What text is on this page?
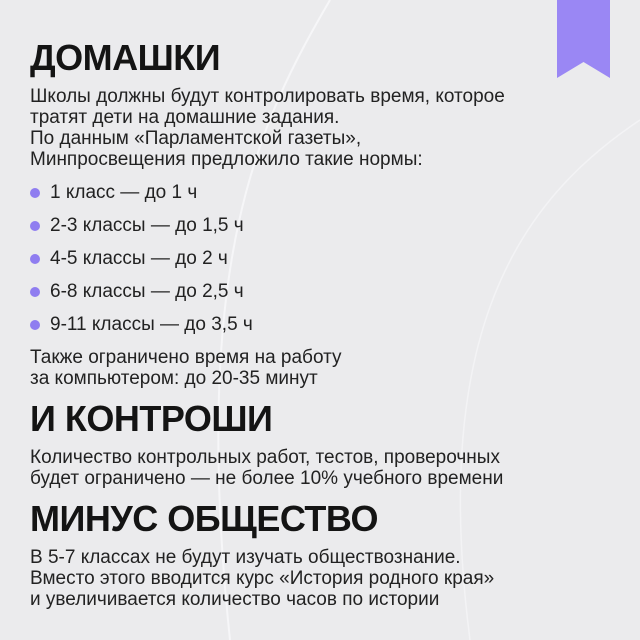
ДОМАШКИ

Школы должны будут контролировать время, которое

тратят дети на домашние задания.

По данным «Парламентской газеты»,

Минпросвещения предложило такие нормы:

1 класс — до 1 ч
2-3 классы — до 1,5 ч
4-5 классы — до 2 ч
6-8 классы — до 2,5 ч
9-11 классы — до 3,5 ч

Также ограничено время на работу

за компьютером: до 20-35 минут

И КОНТРОШИ

Количество контрольных работ, тестов, проверочных

будет ограничено — не более 10% учебного времени

МИНУС ОБЩЕСТВО

В 5-7 классах не будут изучать обществознание.

Вместо этого вводится курс «История родного края»

и увеличивается количество часов по истории
